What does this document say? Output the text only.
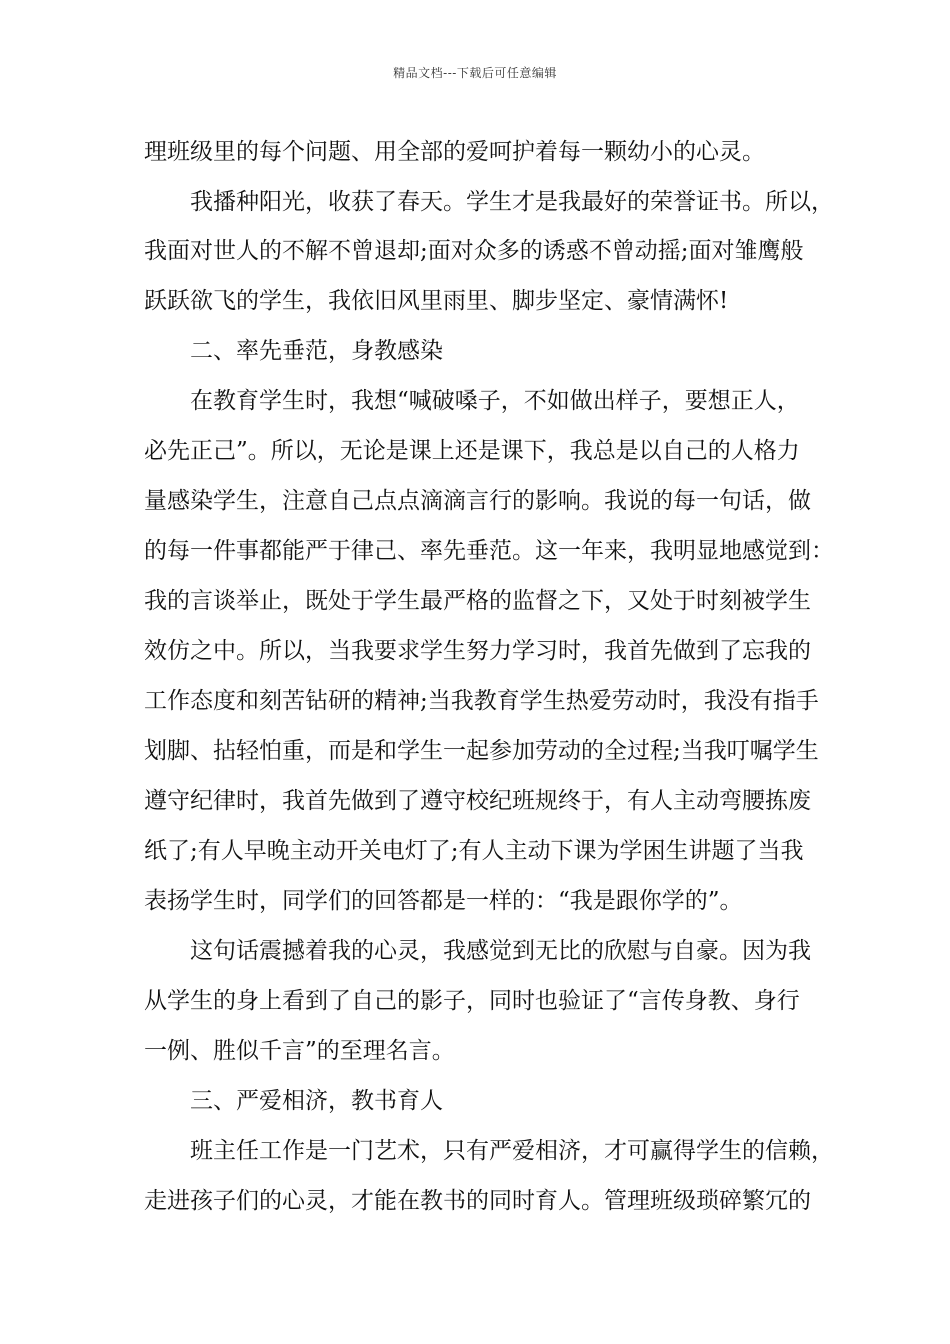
精品文档---下载后可任意编辑
理班级里的每个问题、用全部的爱呵护着每一颗幼小的心灵。
我播种阳光，收获了春天。学生才是我最好的荣誉证书。所以，
我面对世人的不解不曾退却;面对众多的诱惑不曾动摇;面对雏鹰般
跃跃欲飞的学生，我依旧风里雨里、脚步坚定、豪情满怀!
二、率先垂范，身教感染
在教育学生时，我想“喊破嗓子，不如做出样子，要想正人，
必先正己”。所以，无论是课上还是课下，我总是以自己的人格力
量感染学生，注意自己点点滴滴言行的影响。我说的每一句话，做
的每一件事都能严于律己、率先垂范。这一年来，我明显地感觉到：
我的言谈举止，既处于学生最严格的监督之下，又处于时刻被学生
效仿之中。所以，当我要求学生努力学习时，我首先做到了忘我的
工作态度和刻苦钻研的精神;当我教育学生热爱劳动时，我没有指手
划脚、拈轻怕重，而是和学生一起参加劳动的全过程;当我叮嘱学生
遵守纪律时，我首先做到了遵守校纪班规终于，有人主动弯腰拣废
纸了;有人早晚主动开关电灯了;有人主动下课为学困生讲题了当我
表扬学生时，同学们的回答都是一样的：“我是跟你学的”。
这句话震撼着我的心灵，我感觉到无比的欣慰与自豪。因为我
从学生的身上看到了自己的影子，同时也验证了“言传身教、身行
一例、胜似千言”的至理名言。
三、严爱相济，教书育人
班主任工作是一门艺术，只有严爱相济，才可赢得学生的信赖，
走进孩子们的心灵，才能在教书的同时育人。管理班级琐碎繁冗的
